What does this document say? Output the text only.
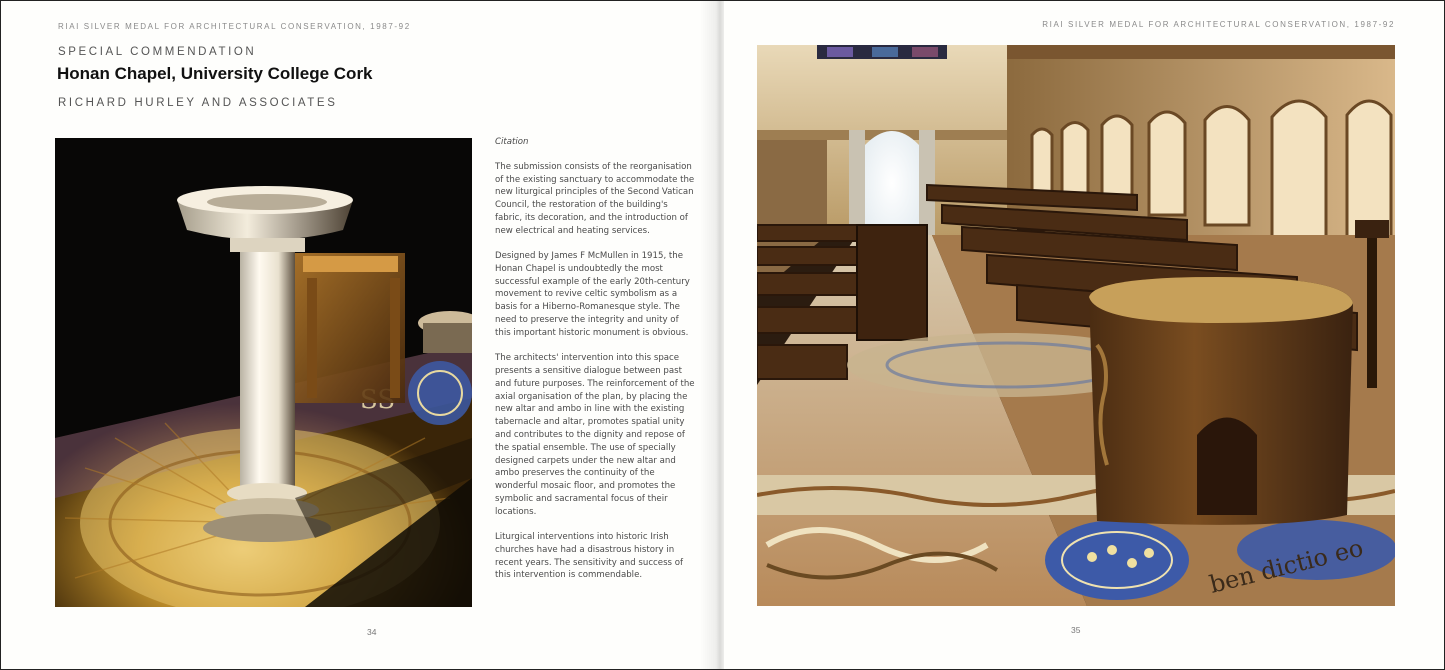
RIAI SILVER MEDAL FOR ARCHITECTURAL CONSERVATION, 1987-92
SPECIAL COMMENDATION
Honan Chapel, University College Cork
RICHARD HURLEY AND ASSOCIATES
Citation

The submission consists of the reorganisation of the existing sanctuary to accommodate the new liturgical principles of the Second Vatican Council, the restoration of the building's fabric, its decoration, and the introduction of new electrical and heating services.

Designed by James F McMullen in 1915, the Honan Chapel is undoubtedly the most successful example of the early 20th-century movement to revive celtic symbolism as a basis for a Hiberno-Romanesque style. The need to preserve the integrity and unity of this important historic monument is obvious.

The architects' intervention into this space presents a sensitive dialogue between past and future purposes. The reinforcement of the axial organisation of the plan, by placing the new altar and ambo in line with the existing tabernacle and altar, promotes spatial unity and contributes to the dignity and repose of the spatial ensemble. The use of specially designed carpets under the new altar and ambo preserves the continuity of the wonderful mosaic floor, and promotes the symbolic and sacramental focus of their locations.

Liturgical interventions into historic Irish churches have had a disastrous history in recent years. The sensitivity and success of this intervention is commendable.

34
RIAI SILVER MEDAL FOR ARCHITECTURAL CONSERVATION, 1987-92
ben dictio eo
35
